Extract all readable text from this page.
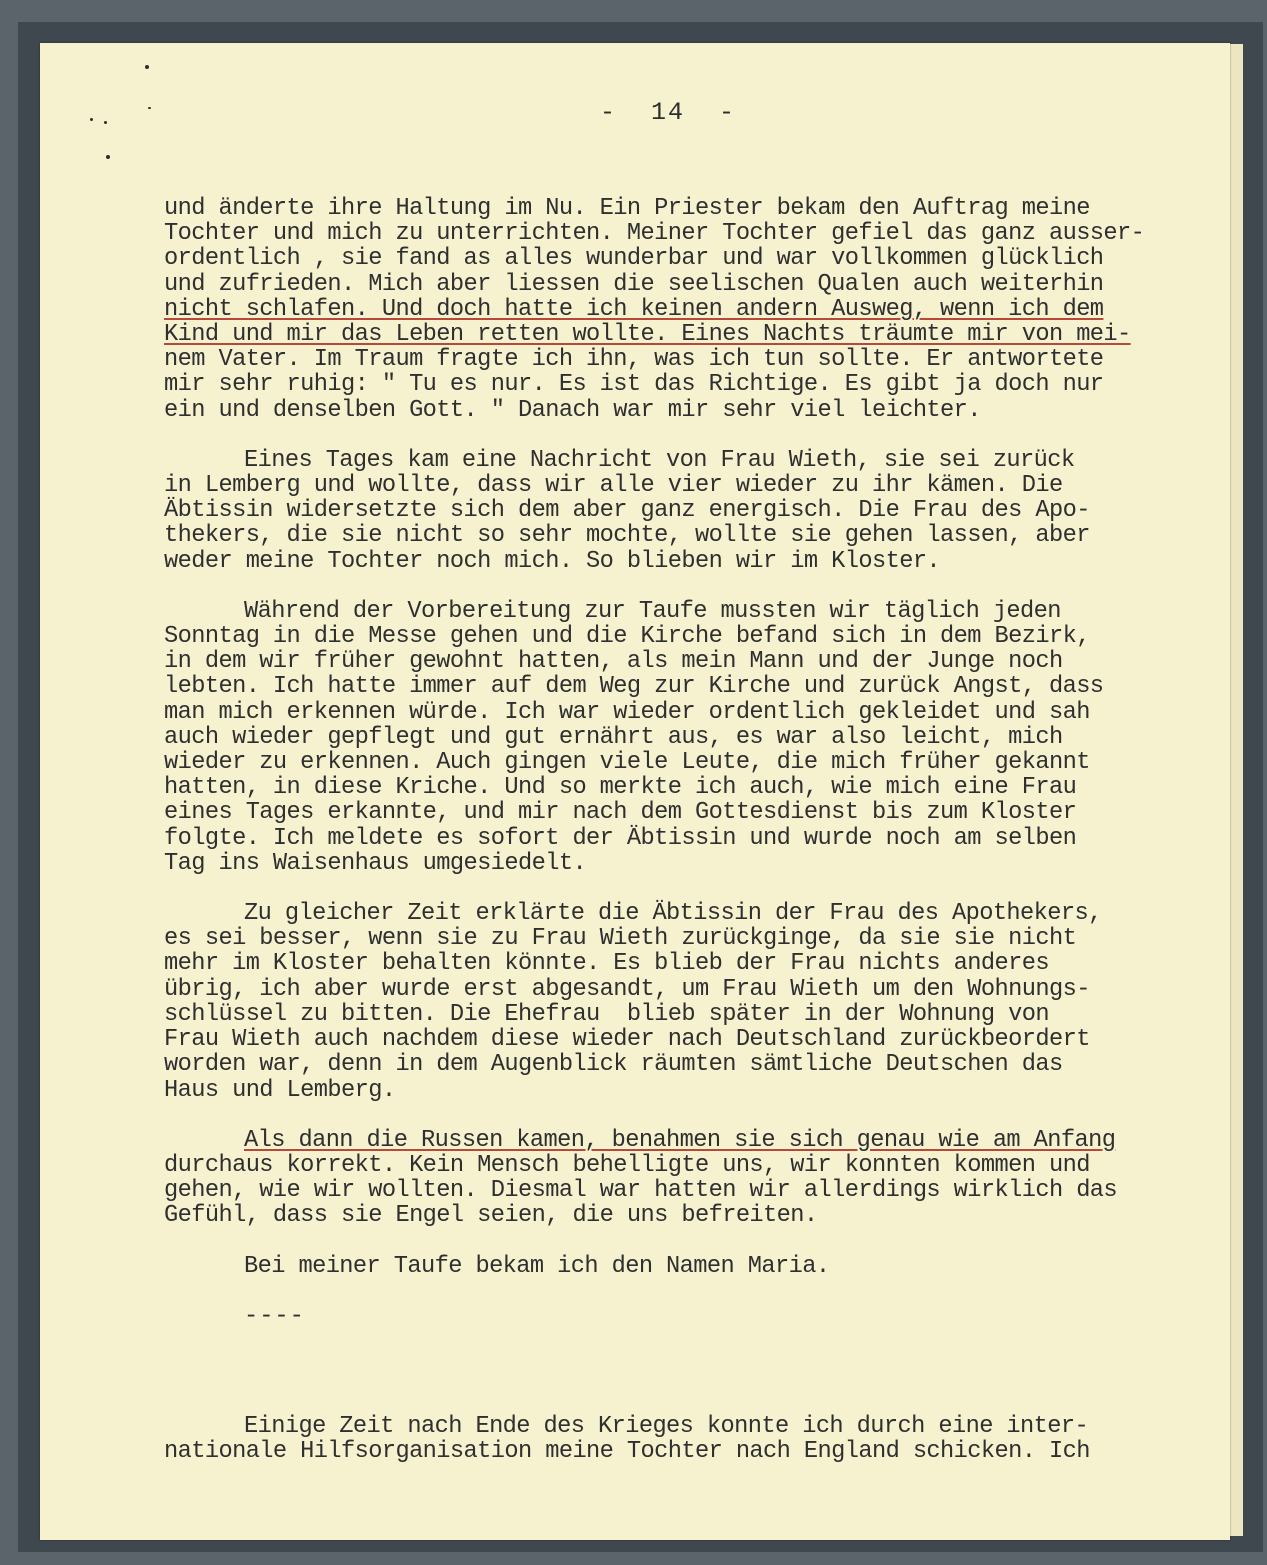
-  14  -

und änderte ihre Haltung im Nu. Ein Priester bekam den Auftrag meine
Tochter und mich zu unterrichten. Meiner Tochter gefiel das ganz ausser-
ordentlich , sie fand as alles wunderbar und war vollkommen glücklich
und zufrieden. Mich aber liessen die seelischen Qualen auch weiterhin
nicht schlafen. Und doch hatte ich keinen andern Ausweg, wenn ich dem
Kind und mir das Leben retten wollte. Eines Nachts träumte mir von mei-
nem Vater. Im Traum fragte ich ihn, was ich tun sollte. Er antwortete
mir sehr ruhig: " Tu es nur. Es ist das Richtige. Es gibt ja doch nur
ein und denselben Gott. " Danach war mir sehr viel leichter.

Eines Tages kam eine Nachricht von Frau Wieth, sie sei zurück
in Lemberg und wollte, dass wir alle vier wieder zu ihr kämen. Die
Äbtissin widersetzte sich dem aber ganz energisch. Die Frau des Apo-
thekers, die sie nicht so sehr mochte, wollte sie gehen lassen, aber
weder meine Tochter noch mich. So blieben wir im Kloster.

Während der Vorbereitung zur Taufe mussten wir täglich jeden
Sonntag in die Messe gehen und die Kirche befand sich in dem Bezirk,
in dem wir früher gewohnt hatten, als mein Mann und der Junge noch
lebten. Ich hatte immer auf dem Weg zur Kirche und zurück Angst, dass
man mich erkennen würde. Ich war wieder ordentlich gekleidet und sah
auch wieder gepflegt und gut ernährt aus, es war also leicht, mich
wieder zu erkennen. Auch gingen viele Leute, die mich früher gekannt
hatten, in diese Kriche. Und so merkte ich auch, wie mich eine Frau
eines Tages erkannte, und mir nach dem Gottesdienst bis zum Kloster
folgte. Ich meldete es sofort der Äbtissin und wurde noch am selben
Tag ins Waisenhaus umgesiedelt.

Zu gleicher Zeit erklärte die Äbtissin der Frau des Apothekers,
es sei besser, wenn sie zu Frau Wieth zurückginge, da sie sie nicht
mehr im Kloster behalten könnte. Es blieb der Frau nichts anderes
übrig, ich aber wurde erst abgesandt, um Frau Wieth um den Wohnungs-
schlüssel zu bitten. Die Ehefrau  blieb später in der Wohnung von
Frau Wieth auch nachdem diese wieder nach Deutschland zurückbeordert
worden war, denn in dem Augenblick räumten sämtliche Deutschen das
Haus und Lemberg.

Als dann die Russen kamen, benahmen sie sich genau wie am Anfang
durchaus korrekt. Kein Mensch behelligte uns, wir konnten kommen und
gehen, wie wir wollten. Diesmal war hatten wir allerdings wirklich das
Gefühl, dass sie Engel seien, die uns befreiten.

Bei meiner Taufe bekam ich den Namen Maria.

----

Einige Zeit nach Ende des Krieges konnte ich durch eine inter-
nationale Hilfsorganisation meine Tochter nach England schicken. Ich
